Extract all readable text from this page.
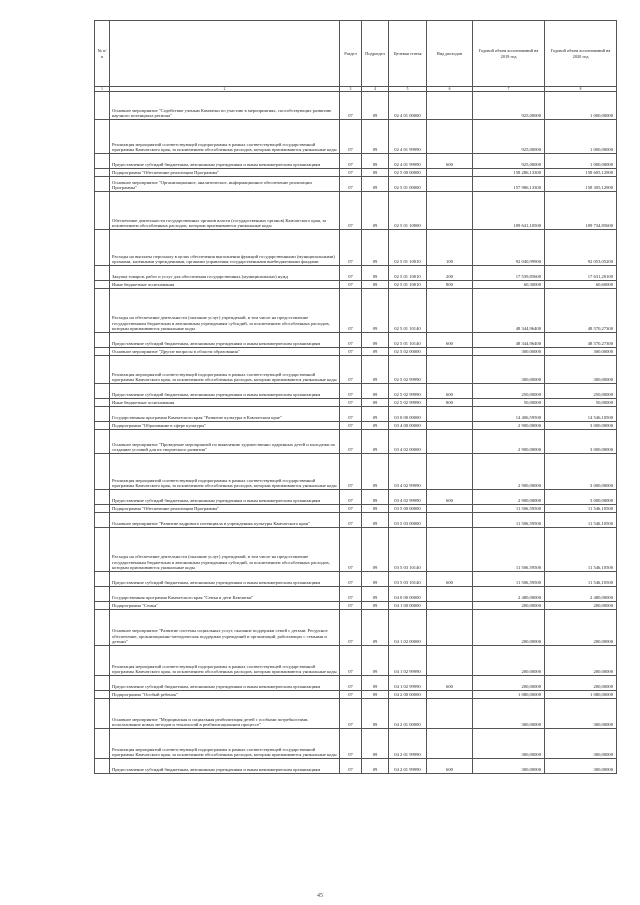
№ п/п		Раздел	Подраздел	Целевая статья	Вид расходов	Годовой объем ассигнований на 2019 год	Годовой объем ассигнований на 2020 год
1	2	3	4	5	6	7	8
	Основное мероприятие "Содействие ученым Камчатки по участию в мероприятиях, способствующих развитию научного потенциала региона"	07	09	02 4 01 00000		925,00000	1 000,00000
	Реализация мероприятий соответствующей подпрограммы в рамках соответствующей государственной программы Камчатского края, за исключением обособленных расходов, которым присваиваются уникальные коды	07	09	02 4 01 99990		925,00000	1 000,00000
	Предоставление субсидий бюджетным, автономным учреждениям и иным некоммерческим организациям	07	09	02 4 01 99990	600	925,00000	1 000,00000
	Подпрограмма "Обеспечение реализации Программы"	07	09	02 5 00 00000		158 286,13300	158 605,12900
	Основное мероприятие "Организационное, аналитическое, информационное обеспечение реализации Программы"	07	09	02 5 01 00000		157 986,13300	158 305,12900
	Обеспечение деятельности государственных органов власти (государственных органов) Камчатского края, за исключением обособленных расходов, которым присваиваются уникальные коды	07	09	02 5 01 10000		109 641,10500	109 734,85600
	Расходы на выплаты персоналу в целях обеспечения выполнения функций государственными (муниципальными) органами, казенными учреждениями, органами управления государственными внебюджетными фондами	07	09	02 5 01 10010	100	92 040,99900	92 053,05200
	Закупка товаров, работ и услуг для обеспечения государственных (муниципальных) нужд	07	09	02 5 01 10010	200	17 539,85600	17 631,20100
	Иные бюджетные ассигнования	07	09	02 5 01 10010	800	60,30000	60,60000
	Расходы на обеспечение деятельности (оказание услуг) учреждений, в том числе на предоставление государственным бюджетным и автономным учреждениям субсидий, за исключением обособленных расходов, которым присваиваются уникальные коды	07	09	02 5 01 10140		48 344,96400	48 570,27300
	Предоставление субсидий бюджетным, автономным учреждениям и иным некоммерческим организациям	07	09	02 5 01 10140	600	48 344,96400	48 570,27300
	Основное мероприятие "Другие вопросы в области образования"	07	09	02 5 02 00000		300,00000	300,00000
	Реализация мероприятий соответствующей подпрограммы в рамках соответствующей государственной программы Камчатского края, за исключением обособленных расходов, которым присваиваются уникальные коды	07	09	02 5 02 99990		300,00000	300,00000
	Предоставление субсидий бюджетным, автономным учреждениям и иным некоммерческим организациям	07	09	02 5 02 99990	600	250,00000	250,00000
	Иные бюджетные ассигнования	07	09	02 5 02 99990	800	50,00000	50,00000
	Государственная программа Камчатского края "Развитие культуры в Камчатском крае"	07	09	03 0 00 00000		14 406,59500	14 546,10500
	Подпрограмма "Образование в сфере культуры"	07	09	03 4 00 00000		2 900,00000	3 000,00000
	Основное мероприятие "Проведение мероприятий по выявлению художественно одаренных детей и молодежи по созданию условий для их творческого развития"	07	09	03 4 02 00000		2 900,00000	3 000,00000
	Реализация мероприятий соответствующей подпрограммы в рамках соответствующей государственной программы Камчатского края, за исключением обособленных расходов, которым присваиваются уникальные коды	07	09	03 4 02 99990		2 900,00000	3 000,00000
	Предоставление субсидий бюджетным, автономным учреждениям и иным некоммерческим организациям	07	09	03 4 02 99990	600	2 900,00000	3 000,00000
	Подпрограмма "Обеспечение реализации Программы"	07	09	03 5 00 00000		11 506,59500	11 546,10500
	Основное мероприятие "Развитие кадрового потенциала в учреждениях культуры Камчатского края"	07	09	03 5 03 00000		11 506,59500	11 546,10500
	Расходы на обеспечение деятельности (оказание услуг) учреждений, в том числе на предоставление государственным бюджетным и автономным учреждениям субсидий, за исключением обособленных расходов, которым присваиваются уникальные коды	07	09	03 5 03 10140		11 506,59500	11 546,10500
	Предоставление субсидий бюджетным, автономным учреждениям и иным некоммерческим организациям	07	09	03 5 03 10140	600	11 506,59500	11 546,10500
	Государственная программа Камчатского края "Семья и дети Камчатки"	07	09	04 0 00 00000		2 480,00000	2 480,00000
	Подпрограмма "Семья"	07	09	04 1 00 00000		200,00000	200,00000
	Основное мероприятие "Развитие системы социальных услуг, оказание поддержки семей с детьми. Ресурсное обеспечение, организационно-методическая поддержка учреждений и организаций, работающих с семьями и детьми"	07	09	04 1 02 00000		200,00000	200,00000
	Реализация мероприятий соответствующей подпрограммы в рамках соответствующей государственной программы Камчатского края, за исключением обособленных расходов, которым присваиваются уникальные коды	07	09	04 1 02 99990		200,00000	200,00000
	Предоставление субсидий бюджетным, автономным учреждениям и иным некоммерческим организациям	07	09	04 1 02 99990	600	200,00000	200,00000
	Подпрограмма "Особый ребенок"	07	09	04 2 00 00000		1 080,00000	1 080,00000
	Основное мероприятие "Медицинская и социальная реабилитация детей с особыми потребностями, использование новых методов и технологий в реабилитационном процессе"	07	09	04 2 01 00000		300,00000	300,00000
	Реализация мероприятий соответствующей подпрограммы в рамках соответствующей государственной программы Камчатского края, за исключением обособленных расходов, которым присваиваются уникальные коды	07	09	04 2 01 99990		300,00000	300,00000
	Предоставление субсидий бюджетным, автономным учреждениям и иным некоммерческим организациям	07	09	04 2 01 99990	600	300,00000	300,00000
45
